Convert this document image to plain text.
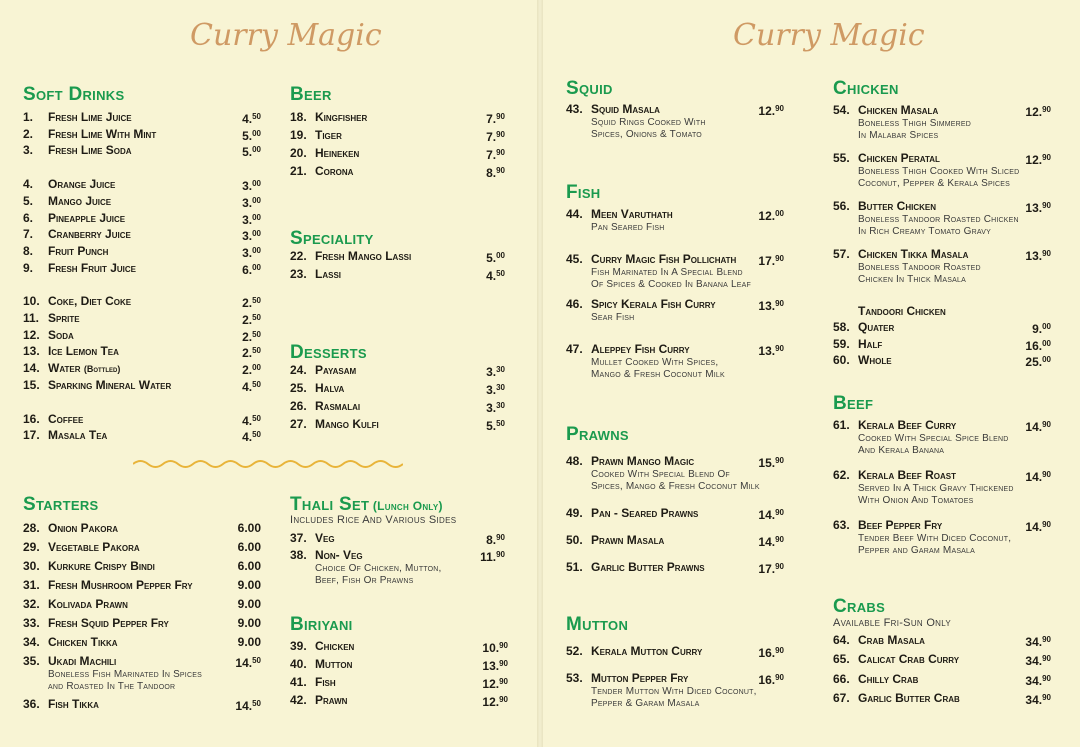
Curry Magic
Soft Drinks
1. Fresh Lime Juice	4.50
2. Fresh Lime With Mint	5.00
3. Fresh Lime Soda	5.00
4. Orange Juice	3.00
5. Mango Juice	3.00
6. Pineapple Juice	3.00
7. Cranberry Juice	3.00
8. Fruit Punch	3.00
9. Fresh Fruit Juice	6.00
10. Coke, Diet Coke	2.50
11. Sprite	2.50
12. Soda	2.50
13. Ice Lemon Tea	2.50
14. Water (Bottled)	2.00
15. Sparking Mineral Water	4.50
16. Coffee	4.50
17. Masala Tea	4.50
Beer
18. Kingfisher	7.90
19. Tiger	7.90
20. Heineken	7.90
21. Corona	8.90
Speciality
22. Fresh Mango Lassi	5.00
23. Lassi	4.50
Desserts
24. Payasam	3.30
25. Halva	3.30
26. Rasmalai	3.30
27. Mango Kulfi	5.50
Starters
28. Onion Pakora	6.00
29. Vegetable Pakora	6.00
30. Kurkure Crispy Bindi	6.00
31. Fresh Mushroom Pepper Fry	9.00
32. Kolivada Prawn	9.00
33. Fresh Squid Pepper Fry	9.00
34. Chicken Tikka	9.00
35. Ukadi Machili	14.50
Boneless Fish Marinated In Spices
and Roasted In The Tandoor
36. Fish Tikka	14.50
Thali Set (Lunch Only)
Includes Rice And Various Sides
37. Veg	8.90
38. Non- Veg	11.90
Choice Of Chicken, Mutton,
Beef, Fish Or Prawns
Biriyani
39. Chicken	10.90
40. Mutton	13.90
41. Fish	12.90
42. Prawn	12.90
Curry Magic
Squid
43. Squid Masala	12.90
Squid Rings Cooked With
Spices, Onions & Tomato
Fish
44. Meen Varuthath	12.00
Pan Seared Fish
45. Curry Magic Fish Pollichath 17.90
Fish Marinated In A Special Blend
Of Spices & Cooked In Banana Leaf
46. Spicy Kerala Fish Curry	13.90
Sear Fish
47. Aleppey Fish Curry	13.90
Mullet Cooked With Spices,
Mango & Fresh Coconut Milk
Prawns
48. Prawn Mango Magic	15.90
Cooked With Special Blend Of
Spices, Mango & Fresh Coconut Milk
49. Pan - Seared Prawns	14.90
50. Prawn Masala	14.90
51. Garlic Butter Prawns	17.90
Mutton
52. Kerala Mutton Curry	16.90
53. Mutton Pepper Fry	16.90
Tender Mutton With Diced Coconut,
Pepper & Garam Masala
Chicken
54. Chicken Masala	12.90
Boneless Thigh Simmered
In Malabar Spices
55. Chicken Peratal	12.90
Boneless Thigh Cooked With Sliced
Coconut, Pepper & Kerala Spices
56. Butter Chicken	13.90
Boneless Tandoor Roasted Chicken
In Rich Creamy Tomato Gravy
57. Chicken Tikka Masala	13.90
Boneless Tandoor Roasted
Chicken In Thick Masala
Beef
61. Kerala Beef Curry	14.90
Cooked With Special Spice Blend
And Kerala Banana
62. Kerala Beef Roast	14.90
Served In A Thick Gravy Thickened
With Onion And Tomatoes
63. Beef Pepper Fry	14.90
Tender Beef With Diced Coconut,
Pepper and Garam Masala
Crabs
Available Fri-Sun Only
64. Crab Masala	34.90
65. Calicat Crab Curry	34.90
66. Chilly Crab	34.90
67. Garlic Butter Crab	34.90
Tandoori Chicken
58. Quater	9.00
59. Half	16.00
60. Whole	25.00
